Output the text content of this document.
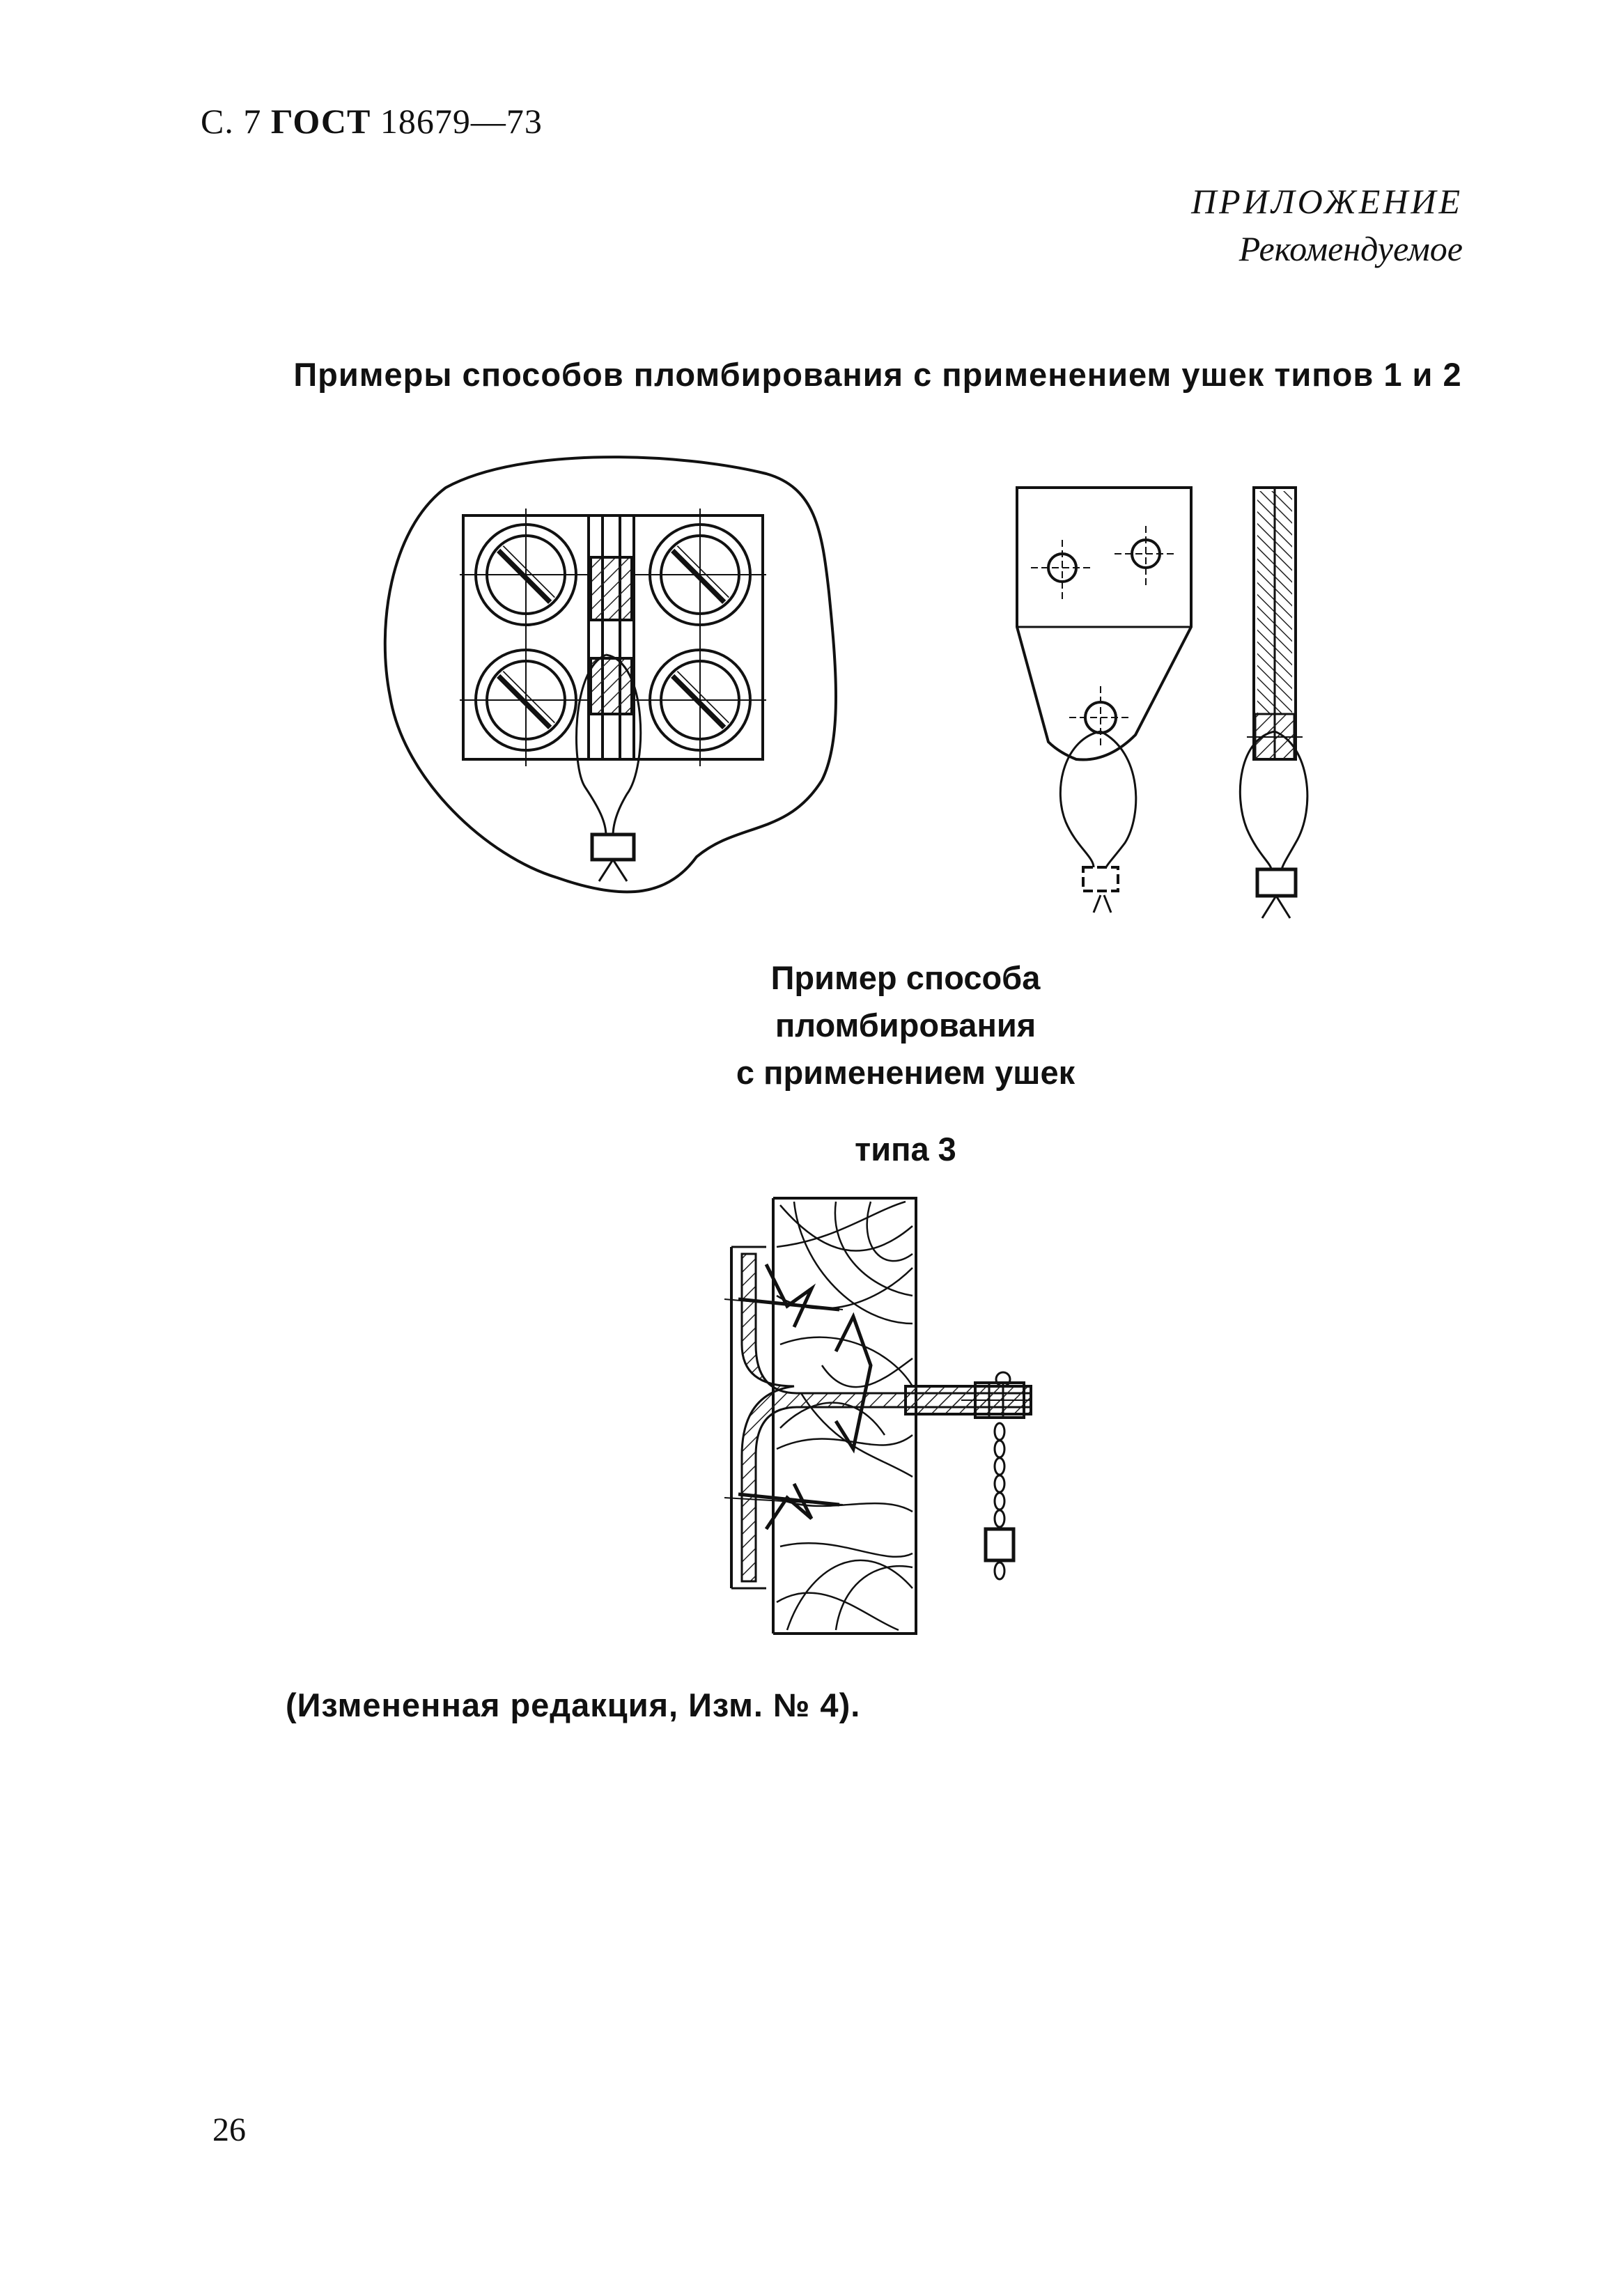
С. 7 ГОСТ 18679—73
ПРИЛОЖЕНИЕ
Рекомендуемое
Примеры способов пломбирования с применением ушек типов 1 и 2
Пример способа
пломбирования
с применением ушек
типа 3
(Измененная редакция, Изм. № 4).
26
